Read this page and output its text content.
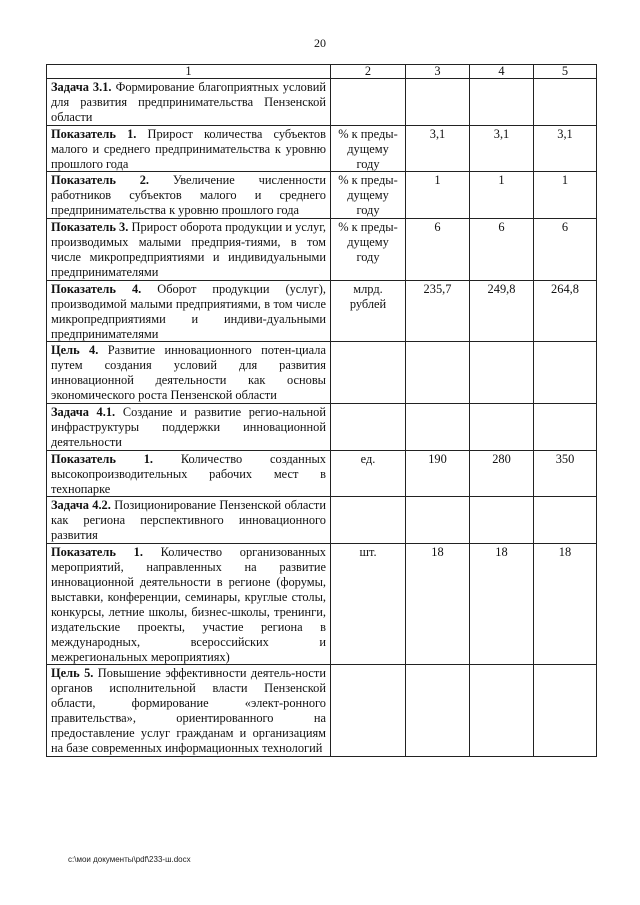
20
1	2	3	4	5
Задача 3.1. Формирование благоприятных условий для развития предпринимательства Пензенской области				
Показатель 1. Прирост количества субъектов малого и среднего предпринимательства к уровню прошлого года	% к преды-дущему году	3,1	3,1	3,1
Показатель 2. Увеличение численности работников субъектов малого и среднего предпринимательства к уровню прошлого года	% к преды-дущему году	1	1	1
Показатель 3. Прирост оборота продукции и услуг, производимых малыми предприя-тиями, в том числе микропредприятиями и индивидуальными предпринимателями	% к преды-дущему году	6	6	6
Показатель 4. Оборот продукции (услуг), производимой малыми предприятиями, в том числе микропредприятиями и индиви-дуальными предпринимателями	млрд. рублей	235,7	249,8	264,8
Цель 4. Развитие инновационного потен-циала путем создания условий для развития инновационной деятельности как основы экономического роста Пензенской области				
Задача 4.1. Создание и развитие регио-нальной инфраструктуры поддержки инновационной деятельности				
Показатель 1. Количество созданных высокопроизводительных рабочих мест в технопарке	ед.	190	280	350
Задача 4.2. Позиционирование Пензенской области как региона перспективного инновационного развития				
Показатель 1. Количество организованных мероприятий, направленных на развитие инновационной деятельности в регионе (форумы, выставки, конференции, семинары, круглые столы, конкурсы, летние школы, бизнес-школы, тренинги, издательские проекты, участие региона в международных, всероссийских и межрегиональных мероприятиях)	шт.	18	18	18
Цель 5. Повышение эффективности деятель-ности органов исполнительной власти Пензенской области, формирование «элект-ронного правительства», ориентированного на предоставление услуг гражданам и организациям на базе современных информационных технологий				
c:\мои документы\pdf\233-ш.docx
